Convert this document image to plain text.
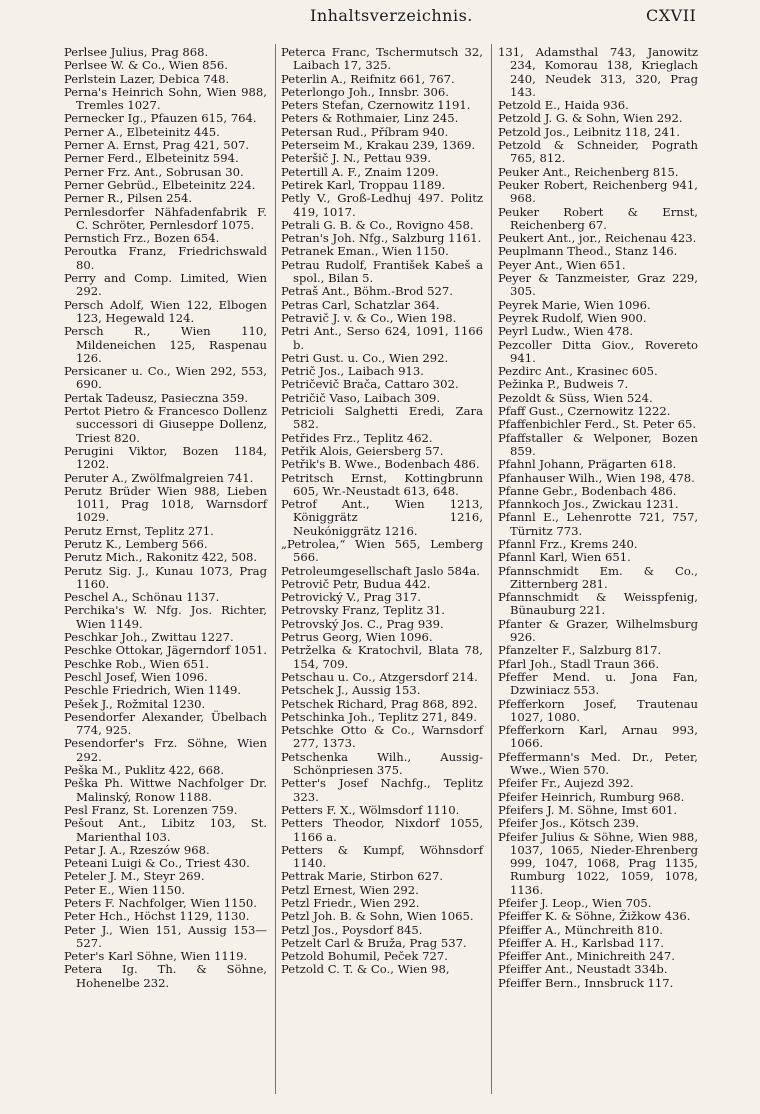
Inhaltsverzeichnis.	CXVII

Perlsee Julius, Prag 868.

Perlsee W. & Co., Wien 856.

Perlstein Lazer, Debica 748.

Perna's Heinrich Sohn, Wien 988, Tremles 1027.

Pernecker Ig., Pfauzen 615, 764.

Perner A., Elbeteinitz 445.

Perner A. Ernst, Prag 421, 507.

Perner Ferd., Elbeteinitz 594.

Perner Frz. Ant., Sobrusan 30.

Perner Gebrüd., Elbeteinitz 224.

Perner R., Pilsen 254.

Pernlesdorfer Nähfadenfabrik F. C. Schröter, Pernlesdorf 1075.

Pernstich Frz., Bozen 654.

Peroutka Franz, Friedrichswald 80.

Perry and Comp. Limited, Wien 292.

Persch Adolf, Wien 122, Elbogen 123, Hegewald 124.

Persch R., Wien 110, Mildeneichen 125, Raspenau 126.

Persicaner u. Co., Wien 292, 553, 690.

Pertak Tadeusz, Pasieczna 359.

Pertot Pietro & Francesco Dollenz successori di Giuseppe Dollenz, Triest 820.

Perugini Viktor, Bozen 1184, 1202.

Peruter A., Zwölfmalgreien 741.

Perutz Brüder Wien 988, Lieben 1011, Prag 1018, Warnsdorf 1029.

Perutz Ernst, Teplitz 271.

Perutz K., Lemberg 566.

Perutz Mich., Rakonitz 422, 508.

Perutz Sig. J., Kunau 1073, Prag 1160.

Peschel A., Schönau 1137.

Perchika's W. Nfg. Jos. Richter, Wien 1149.

Peschkar Joh., Zwittau 1227.

Peschke Ottokar, Jägerndorf 1051.

Peschke Rob., Wien 651.

Peschl Josef, Wien 1096.

Peschle Friedrich, Wien 1149.

Pešek J., Rožmital 1230.

Pesendorfer Alexander, Übelbach 774, 925.

Pesendorfer's Frz. Söhne, Wien 292.

Peška M., Puklitz 422, 668.

Peška Ph. Wittwe Nachfolger Dr. Malinský, Ronow 1188.

Pesl Franz, St. Lorenzen 759.

Pešout Ant., Libitz 103, St. Marienthal 103.

Petar J. A., Rzeszów 968.

Peteani Luigi & Co., Triest 430.

Peteler J. M., Steyr 269.

Peter E., Wien 1150.

Peters F. Nachfolger, Wien 1150.

Peter Hch., Höchst 1129, 1130.

Peter J., Wien 151, Aussig 153—527.

Peter's Karl Söhne, Wien 1119.

Petera Ig. Th. & Söhne, Hohenelbe 232.

Peterca Franc, Tschermutsch 32, Laibach 17, 325.

Peterlin A., Reifnitz 661, 767.

Peterlongo Joh., Innsbr. 306.

Peters Stefan, Czernowitz 1191.

Peters & Rothmaier, Linz 245.

Petersan Rud., Příbram 940.

Peterseim M., Krakau 239, 1369.

Peteršič J. N., Pettau 939.

Petertill A. F., Znaim 1209.

Petirek Karl, Troppau 1189.

Petly V., Groß-Ledhuj 497. Politz 419, 1017.

Petrali G. B. & Co., Rovigno 458.

Petran's Joh. Nfg., Salzburg 1161.

Petranek Eman., Wien 1150.

Petrau Rudolf, František Kabeš a spol., Bilan 5.

Petraš Ant., Böhm.-Brod 527.

Petras Carl, Schatzlar 364.

Petravič J. v. & Co., Wien 198.

Petri Ant., Serso 624, 1091, 1166 b.

Petri Gust. u. Co., Wien 292.

Petrič Jos., Laibach 913.

Petričevič Brača, Cattaro 302.

Petričič Vaso, Laibach 309.

Petricioli Salghetti Eredi, Zara 582.

Petřides Frz., Teplitz 462.

Petřik Alois, Geiersberg 57.

Petřik's B. Wwe., Bodenbach 486.

Petritsch Ernst, Kottingbrunn 605, Wr.-Neustadt 613, 648.

Petrof Ant., Wien 1213, Königgrätz 1216, Neukóniggrätz 1216.

„Petrolea,“ Wien 565, Lemberg 566.

Petroleumgesellschaft Jaslo 584a.

Petrovič Petr, Budua 442.

Petrovický V., Prag 317.

Petrovsky Franz, Teplitz 31.

Petrovský Jos. C., Prag 939.

Petrus Georg, Wien 1096.

Petrželka & Kratochvil, Blata 78, 154, 709.

Petschau u. Co., Atzgersdorf 214.

Petschek J., Aussig 153.

Petschek Richard, Prag 868, 892.

Petschinka Joh., Teplitz 271, 849.

Petschke Otto & Co., Warnsdorf 277, 1373.

Petschenka Wilh., Aussig-Schönpriesen 375.

Petter's Josef Nachfg., Teplitz 323.

Petters F. X., Wölmsdorf 1110.

Petters Theodor, Nixdorf 1055, 1166 a.

Petters & Kumpf, Wöhnsdorf 1140.

Pettrak Marie, Stirbon 627.

Petzl Ernest, Wien 292.

Petzl Friedr., Wien 292.

Petzl Joh. B. & Sohn, Wien 1065.

Petzl Jos., Poysdorf 845.

Petzelt Carl & Bruža, Prag 537.

Petzold Bohumil, Peček 727.

Petzold C. T. & Co., Wien 98,

131, Adamsthal 743, Janowitz 234, Komorau 138, Krieglach 240, Neudek 313, 320, Prag 143.

Petzold E., Haida 936.

Petzold J. G. & Sohn, Wien 292.

Petzold Jos., Leibnitz 118, 241.

Petzold & Schneider, Pograth 765, 812.

Peuker Ant., Reichenberg 815.

Peuker Robert, Reichenberg 941, 968.

Peuker Robert & Ernst, Reichenberg 67.

Peukert Ant., jor., Reichenau 423.

Peuplmann Theod., Stanz 146.

Peyer Ant., Wien 651.

Peyer & Tanzmeister, Graz 229, 305.

Peyrek Marie, Wien 1096.

Peyrek Rudolf, Wien 900.

Peyrl Ludw., Wien 478.

Pezcoller Ditta Giov., Rovereto 941.

Pezdirc Ant., Krasinec 605.

Pežinka P., Budweis 7.

Pezoldt & Süss, Wien 524.

Pfaff Gust., Czernowitz 1222.

Pfaffenbichler Ferd., St. Peter 65.

Pfaffstaller & Welponer, Bozen 859.

Pfahnl Johann, Prägarten 618.

Pfanhauser Wilh., Wien 198, 478.

Pfanne Gebr., Bodenbach 486.

Pfannkoch Jos., Zwickau 1231.

Pfannl E., Lehenrotte 721, 757, Türnitz 773.

Pfannl Frz., Krems 240.

Pfannl Karl, Wien 651.

Pfannschmidt Em. & Co., Zitternberg 281.

Pfannschmidt & Weisspfenig, Bünauburg 221.

Pfanter & Grazer, Wilhelmsburg 926.

Pfanzelter F., Salzburg 817.

Pfarl Joh., Stadl Traun 366.

Pfeffer Mend. u. Jona Fan, Dzwiniacz 553.

Pfefferkorn Josef, Trautenau 1027, 1080.

Pfefferkorn Karl, Arnau 993, 1066.

Pfeffermann's Med. Dr., Peter, Wwe., Wien 570.

Pfeifer Fr., Aujezd 392.

Pfeifer Heinrich, Rumburg 968.

Pfeifers J. M. Söhne, Imst 601.

Pfeifer Jos., Kötsch 239.

Pfeifer Julius & Söhne, Wien 988, 1037, 1065, Nieder-Ehrenberg 999, 1047, 1068, Prag 1135, Rumburg 1022, 1059, 1078, 1136.

Pfeifer J. Leop., Wien 705.

Pfeiffer K. & Söhne, Žižkow 436.

Pfeiffer A., Münchreith 810.

Pfeiffer A. H., Karlsbad 117.

Pfeiffer Ant., Minichreith 247.

Pfeiffer Ant., Neustadt 334b.

Pfeiffer Bern., Innsbruck 117.
